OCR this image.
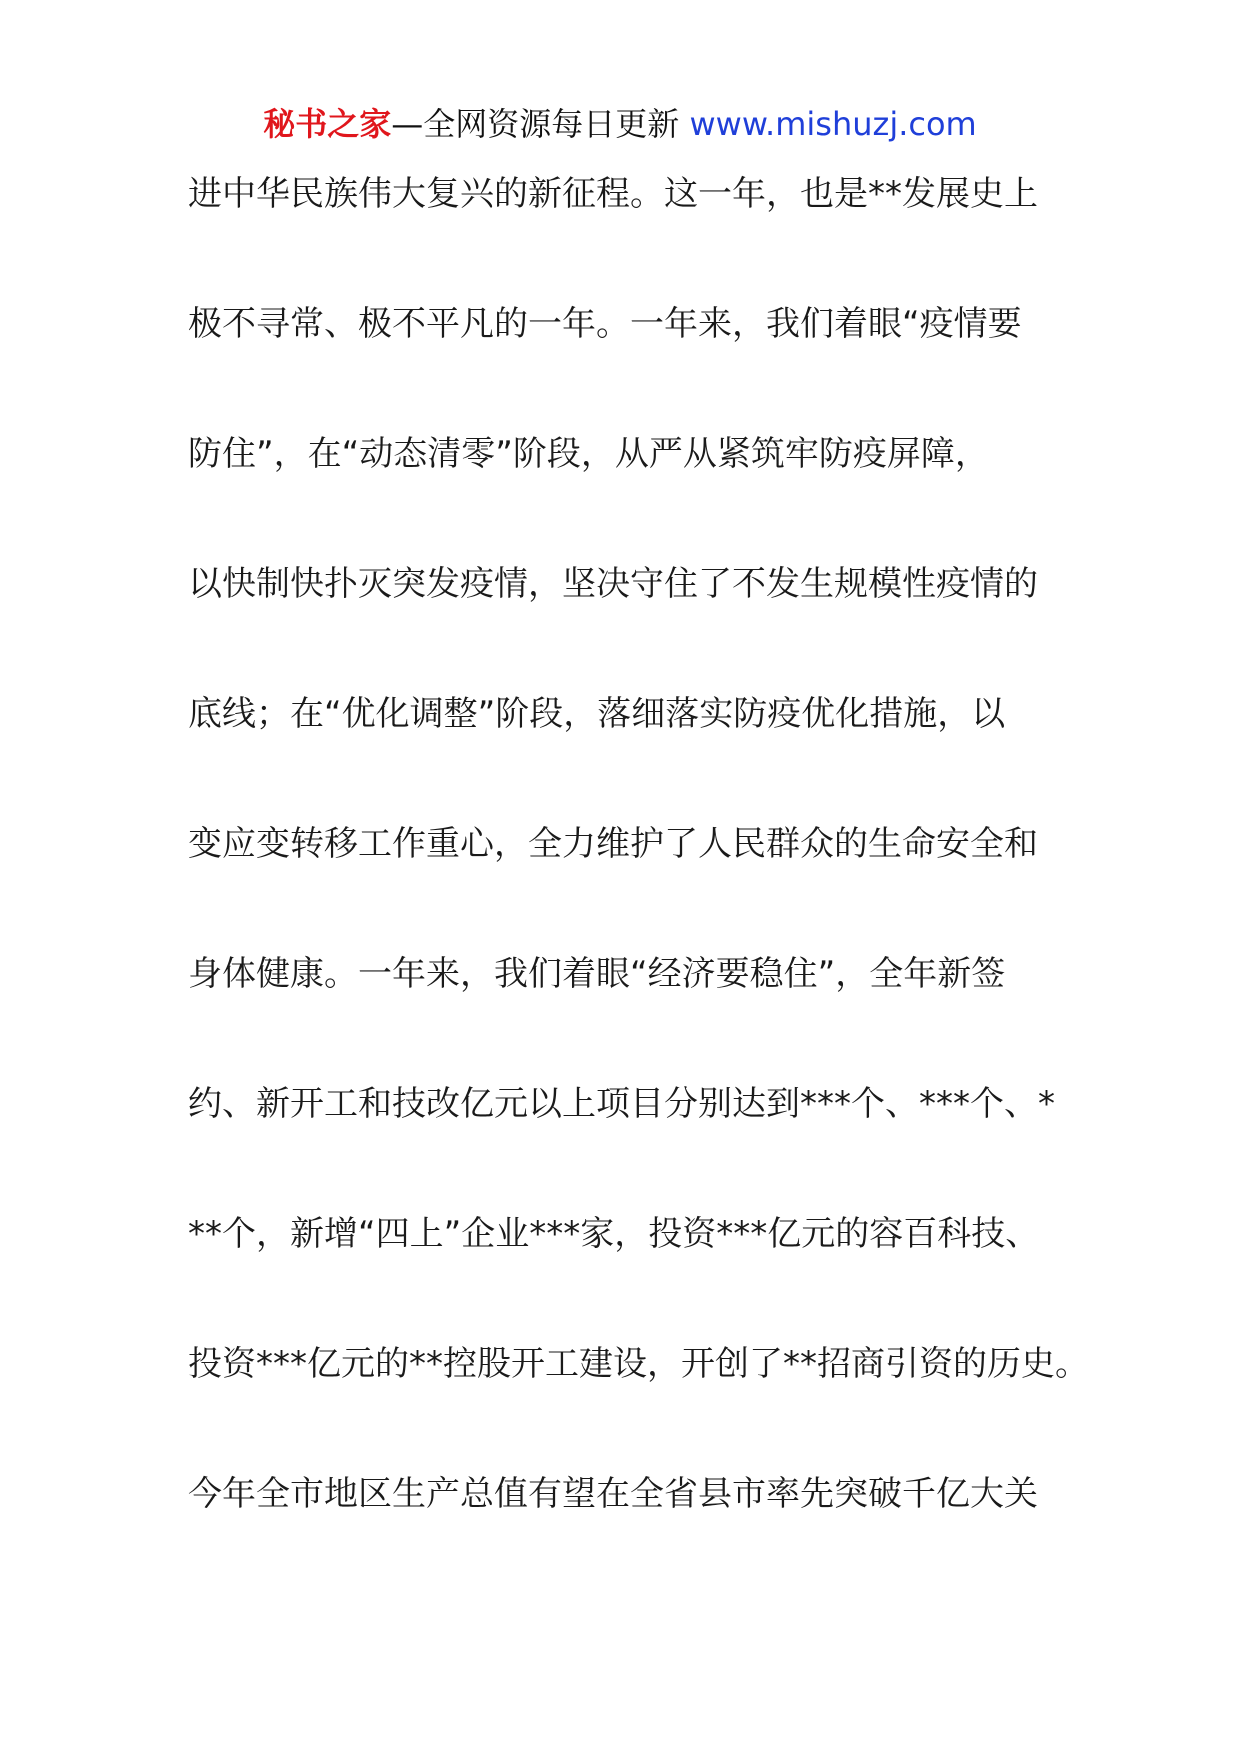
秘书之家—全网资源每日更新 www.mishuzj.com
进中华民族伟大复兴的新征程。这一年，也是**发展史上
极不寻常、极不平凡的一年。一年来，我们着眼“疫情要
防住”，在“动态清零”阶段，从严从紧筑牢防疫屏障，
以快制快扑灭突发疫情，坚决守住了不发生规模性疫情的
底线；在“优化调整”阶段，落细落实防疫优化措施，以
变应变转移工作重心，全力维护了人民群众的生命安全和
身体健康。一年来，我们着眼“经济要稳住”，全年新签
约、新开工和技改亿元以上项目分别达到***个、***个、*
**个，新增“四上”企业***家，投资***亿元的容百科技、
投资***亿元的**控股开工建设，开创了**招商引资的历史。
今年全市地区生产总值有望在全省县市率先突破千亿大关
